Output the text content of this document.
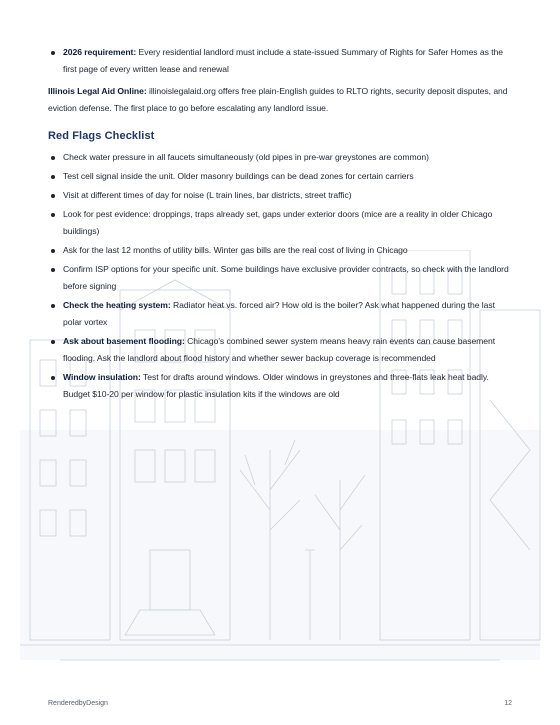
2026 requirement: Every residential landlord must include a state-issued Summary of Rights for Safer Homes as the first page of every written lease and renewal

Illinois Legal Aid Online: illinoislegalaid.org offers free plain-English guides to RLTO rights, security deposit disputes, and eviction defense. The first place to go before escalating any landlord issue.

Red Flags Checklist
Check water pressure in all faucets simultaneously (old pipes in pre-war greystones are common)
Test cell signal inside the unit. Older masonry buildings can be dead zones for certain carriers
Visit at different times of day for noise (L train lines, bar districts, street traffic)
Look for pest evidence: droppings, traps already set, gaps under exterior doors (mice are a reality in older Chicago buildings)
Ask for the last 12 months of utility bills. Winter gas bills are the real cost of living in Chicago
Confirm ISP options for your specific unit. Some buildings have exclusive provider contracts, so check with the landlord before signing
Check the heating system: Radiator heat vs. forced air? How old is the boiler? Ask what happened during the last polar vortex
Ask about basement flooding: Chicago's combined sewer system means heavy rain events can cause basement flooding. Ask the landlord about flood history and whether sewer backup coverage is recommended
Window insulation: Test for drafts around windows. Older windows in greystones and three-flats leak heat badly. Budget $10-20 per window for plastic insulation kits if the windows are old
RenderedbyDesign	12
